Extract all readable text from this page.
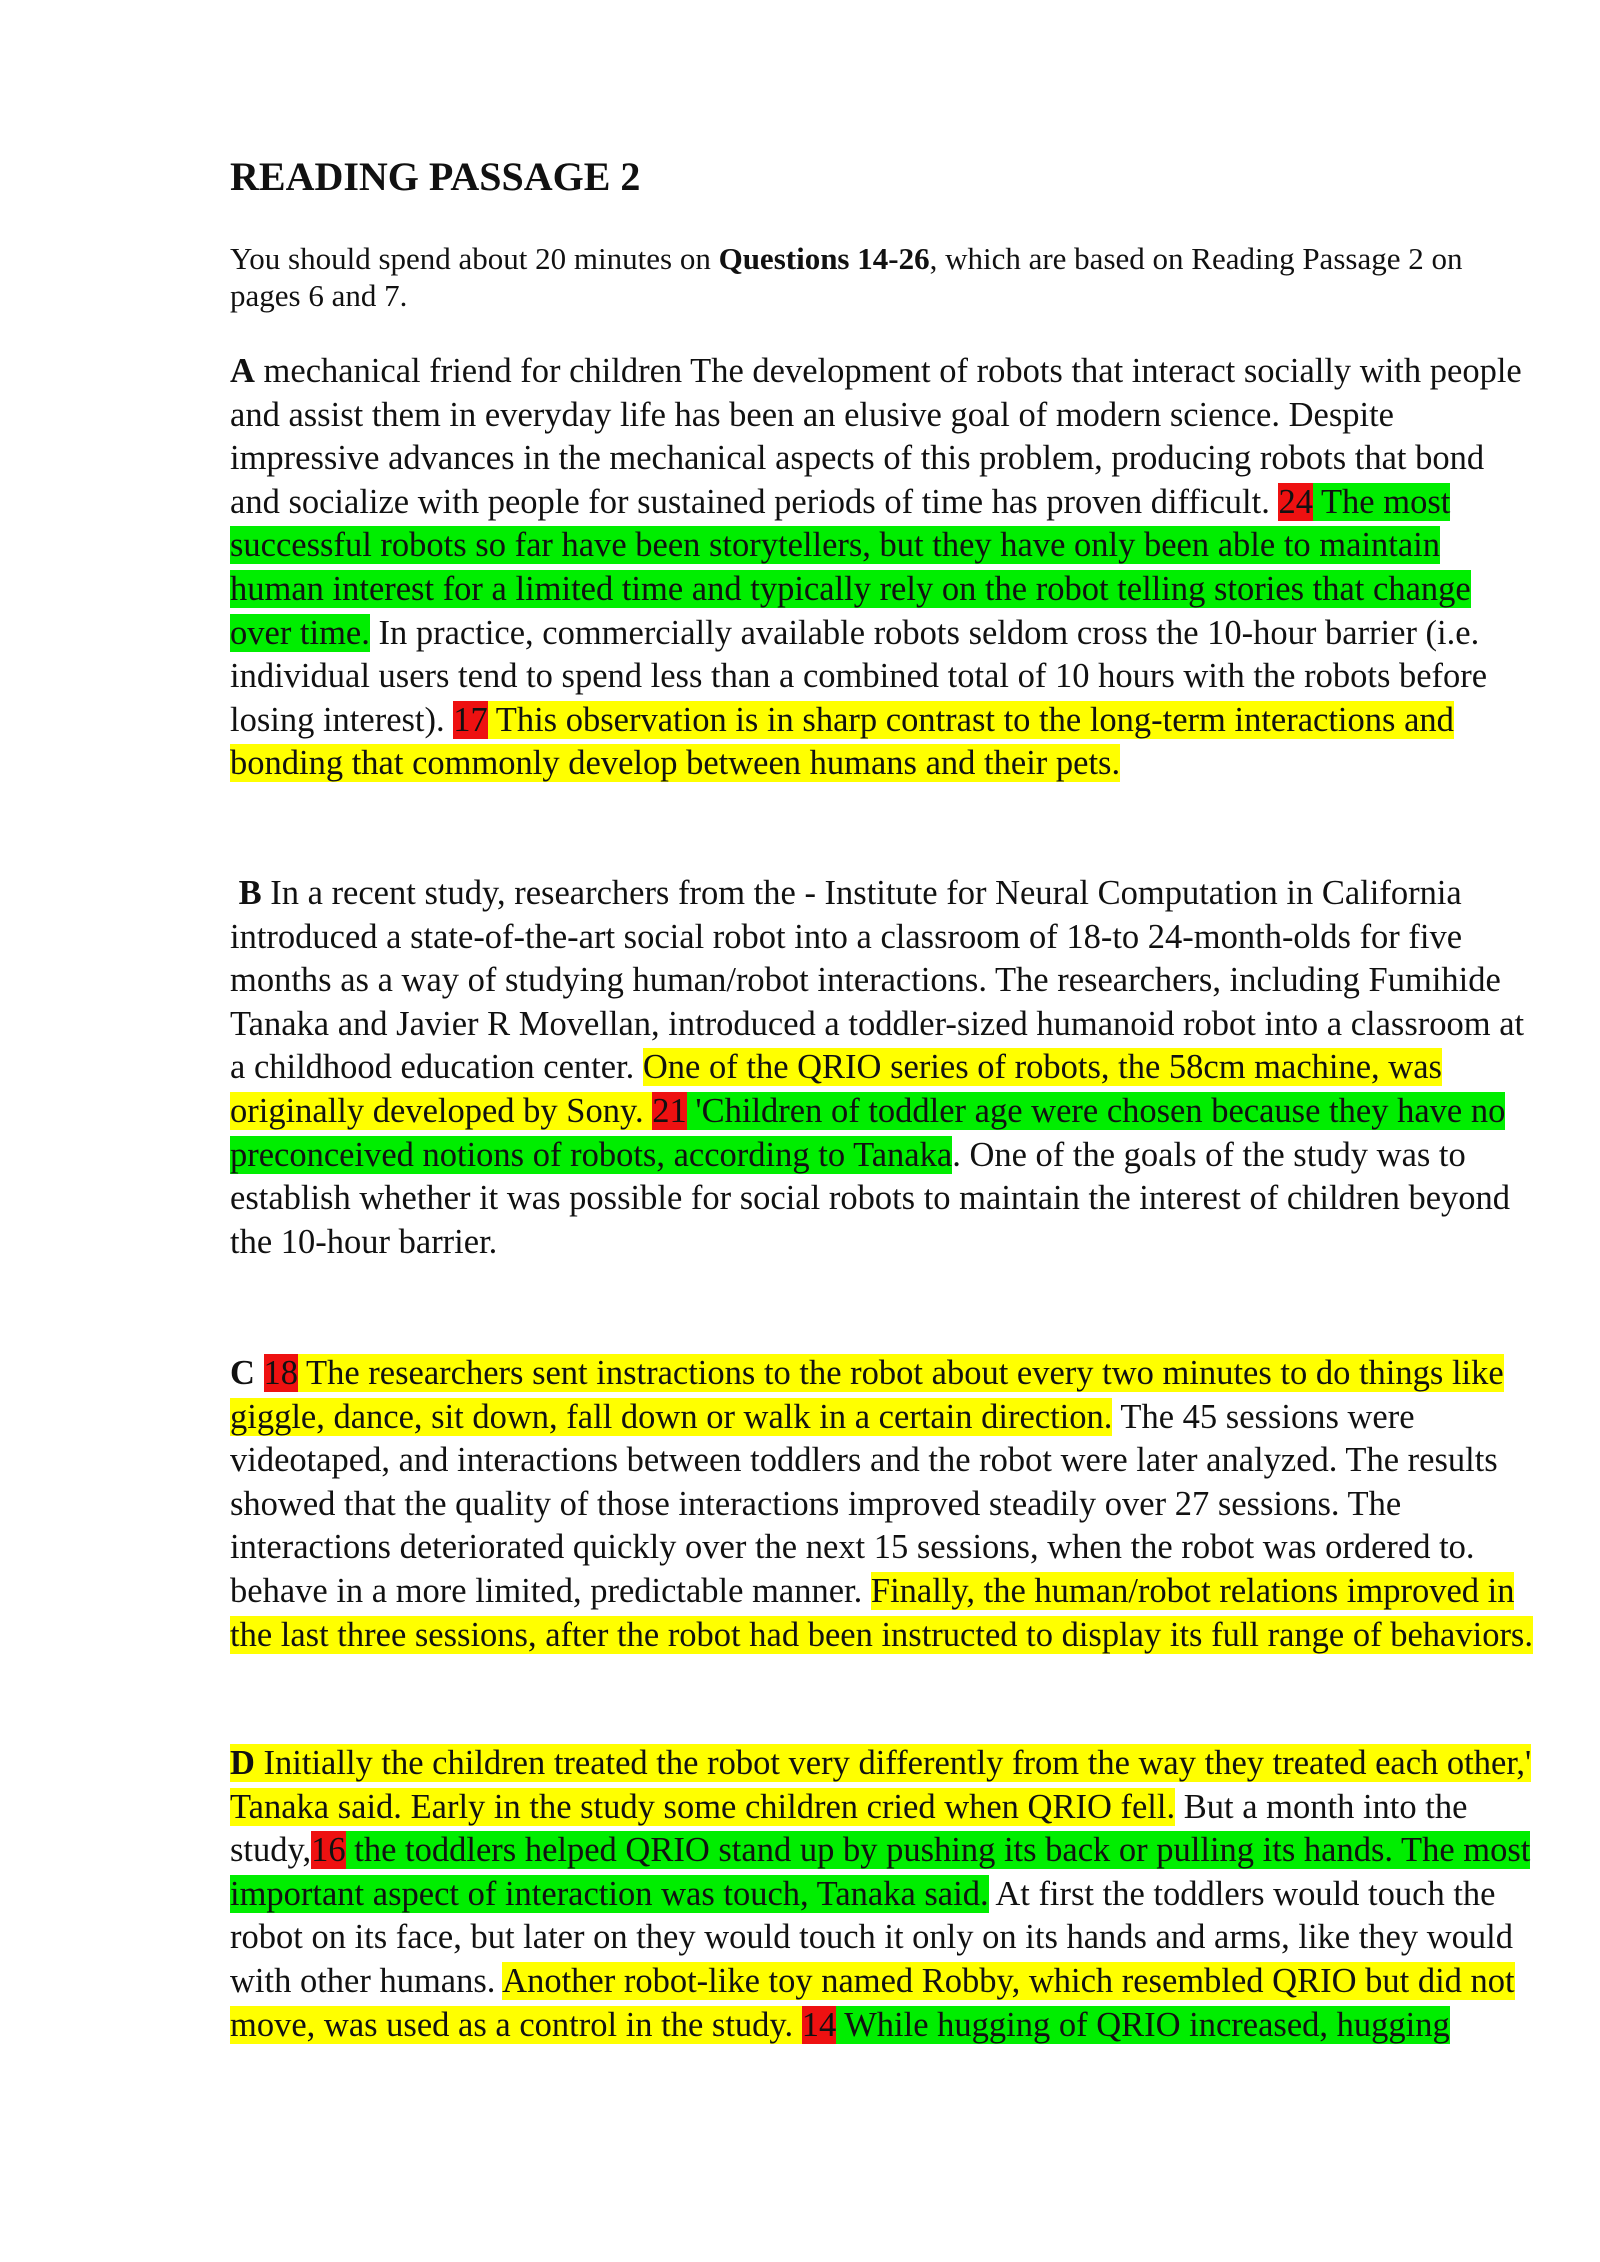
READING PASSAGE 2

You should spend about 20 minutes on Questions 14-26, which are based on Reading Passage 2 on pages 6 and 7.

A mechanical friend for children The development of robots that interact socially with people and assist them in everyday life has been an elusive goal of modern science. Despite impressive advances in the mechanical aspects of this problem, producing robots that bond and socialize with people for sustained periods of time has proven difficult. 24 The most successful robots so far have been storytellers, but they have only been able to maintain human interest for a limited time and typically rely on the robot telling stories that change over time. In practice, commercially available robots seldom cross the 10-hour barrier (i.e. individual users tend to spend less than a combined total of 10 hours with the robots before losing interest). 17 This observation is in sharp contrast to the long-term interactions and bonding that commonly develop between humans and their pets.

B In a recent study, researchers from the - Institute for Neural Computation in California introduced a state-of-the-art social robot into a classroom of 18-to 24-month-olds for five months as a way of studying human/robot interactions. The researchers, including Fumihide Tanaka and Javier R Movellan, introduced a toddler-sized humanoid robot into a classroom at a childhood education center. One of the QRIO series of robots, the 58cm machine, was originally developed by Sony. 21 'Children of toddler age were chosen because they have no preconceived notions of robots, according to Tanaka. One of the goals of the study was to establish whether it was possible for social robots to maintain the interest of children beyond the 10-hour barrier.

C 18 The researchers sent instractions to the robot about every two minutes to do things like giggle, dance, sit down, fall down or walk in a certain direction. The 45 sessions were videotaped, and interactions between toddlers and the robot were later analyzed. The results showed that the quality of those interactions improved steadily over 27 sessions. The interactions deteriorated quickly over the next 15 sessions, when the robot was ordered to. behave in a more limited, predictable manner. Finally, the human/robot relations improved in the last three sessions, after the robot had been instructed to display its full range of behaviors.

D Initially the children treated the robot very differently from the way they treated each other,' Tanaka said. Early in the study some children cried when QRIO fell. But a month into the study,16 the toddlers helped QRIO stand up by pushing its back or pulling its hands. The most important aspect of interaction was touch, Tanaka said. At first the toddlers would touch the robot on its face, but later on they would touch it only on its hands and arms, like they would with other humans. Another robot-like toy named Robby, which resembled QRIO but did not move, was used as a control in the study. 14 While hugging of QRIO increased, hugging
